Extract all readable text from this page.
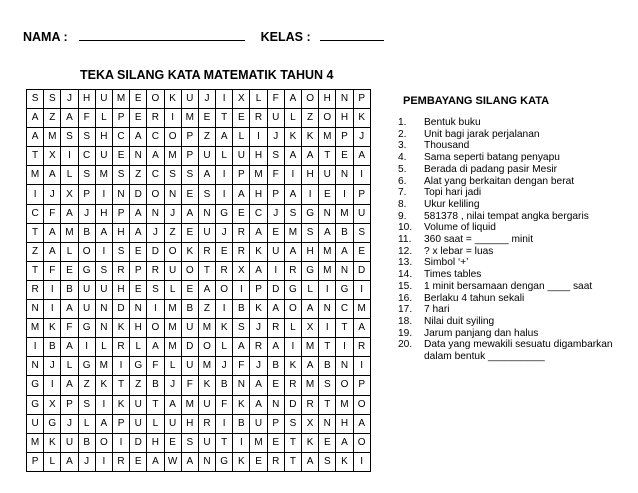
NAMA :	KELAS :
TEKA SILANG KATA MATEMATIK TAHUN 4
S	S	J	H	U	M	E	O	K	U	J	I	X	L	F	A	O	H	N	P
A	Z	A	F	L	P	E	R	I	M	E	T	E	R	U	L	Z	O	H	K
A	M	S	S	H	C	A	C	O	P	Z	A	L	I	J	K	K	M	P	J
T	X	I	C	U	E	N	A	M	P	U	L	U	H	S	A	A	T	E	A
M	A	L	S	M	S	Z	C	S	S	A	I	P	M	F	I	H	U	N	I
I	J	X	P	I	N	D	O	N	E	S	I	A	H	P	A	I	E	I	P
C	F	A	J	H	P	A	N	J	A	N	G	E	C	J	S	G	N	M	U
T	A	M	B	A	H	A	J	Z	E	U	J	R	A	E	M	S	A	B	S
Z	A	L	O	I	S	E	D	O	K	R	E	R	K	U	A	H	M	A	E
T	F	E	G	S	R	P	R	U	O	T	R	X	A	I	R	G	M	N	D
R	I	B	U	U	H	E	S	L	E	A	O	I	P	D	G	L	I	G	I
N	I	A	U	N	D	N	I	M	B	Z	I	B	K	A	O	A	N	C	M
M	K	F	G	N	K	H	O	M	U	M	K	S	J	R	L	X	I	T	A
I	B	A	I	L	R	L	A	M	D	O	L	A	R	A	I	M	T	I	R
N	J	L	G	M	I	G	F	L	U	M	J	F	J	B	K	A	B	N	I
G	I	A	Z	K	T	Z	B	J	F	K	B	N	A	E	R	M	S	O	P
G	X	P	S	I	K	U	T	A	M	U	F	K	A	N	D	R	T	M	O
U	G	J	L	A	P	U	L	U	H	R	I	B	U	P	S	X	N	H	A
M	K	U	B	O	I	D	H	E	S	U	T	I	M	E	T	K	E	A	O
P	L	A	J	I	R	E	A	W	A	N	G	K	E	R	T	A	S	K	I
PEMBAYANG SILANG KATA
1.	Bentuk buku
2.	Unit bagi jarak perjalanan
3.	Thousand
4.	Sama seperti batang penyapu
5.	Berada di padang pasir Mesir
6.	Alat yang berkaitan dengan berat
7.	Topi hari jadi
8.	Ukur keliling
9.	581378 , nilai tempat angka bergaris
10.	Volume of liquid
11.	360 saat = ______ minit
12.	? x lebar = luas
13.	Simbol ‘+’
14.	Times tables
15.	1 minit bersamaan dengan ____ saat
16.	Berlaku 4 tahun sekali
17.	7 hari
18.	Nilai duit syiling
19.	Jarum panjang dan halus
20.	Data yang mewakili sesuatu digambarkan dalam bentuk __________
